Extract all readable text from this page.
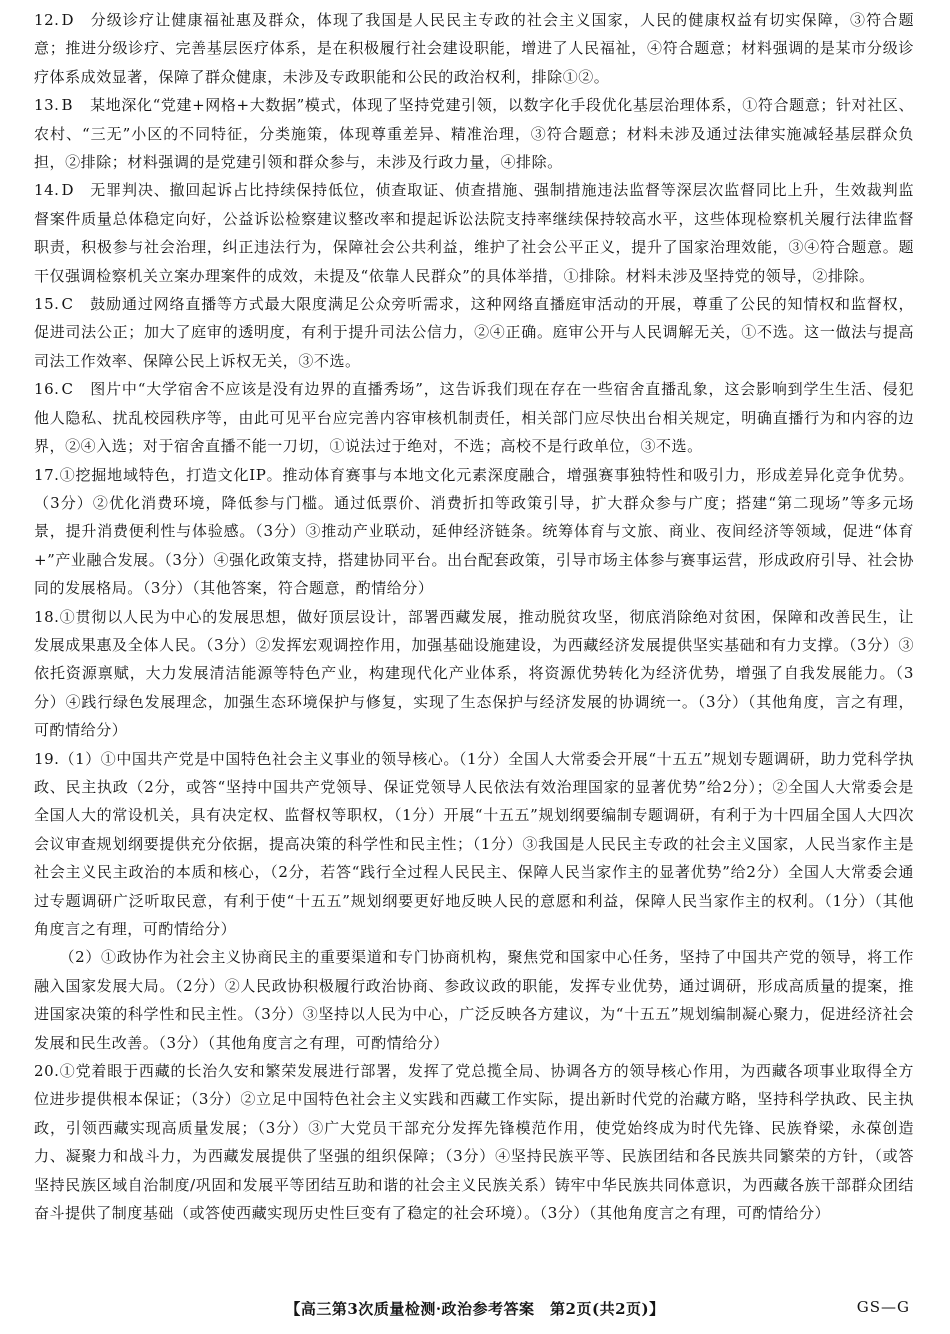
12. D 分级诊疗让健康福祉惠及群众，体现了我国是人民民主专政的社会主义国家，人民的健康权益有切实保障，③符合题意；推进分级诊疗、完善基层医疗体系，是在积极履行社会建设职能，增进了人民福祉，④符合题意；材料强调的是某市分级诊疗体系成效显著，保障了群众健康，未涉及专政职能和公民的政治权利，排除①②。

13. B 某地深化“党建+网格+大数据”模式，体现了坚持党建引领，以数字化手段优化基层治理体系，①符合题意；针对社区、农村、“三无”小区的不同特征，分类施策，体现尊重差异、精准治理，③符合题意；材料未涉及通过法律实施减轻基层群众负担，②排除；材料强调的是党建引领和群众参与，未涉及行政力量，④排除。

14. D 无罪判决、撤回起诉占比持续保持低位，侦查取证、侦查措施、强制措施违法监督等深层次监督同比上升，生效裁判监督案件质量总体稳定向好，公益诉讼检察建议整改率和提起诉讼法院支持率继续保持较高水平，这些体现检察机关履行法律监督职责，积极参与社会治理，纠正违法行为，保障社会公共利益，维护了社会公平正义，提升了国家治理效能，③④符合题意。题干仅强调检察机关立案办理案件的成效，未提及“依靠人民群众”的具体举措，①排除。材料未涉及坚持党的领导，②排除。

15. C 鼓励通过网络直播等方式最大限度满足公众旁听需求，这种网络直播庭审活动的开展，尊重了公民的知情权和监督权，促进司法公正；加大了庭审的透明度，有利于提升司法公信力，②④正确。庭审公开与人民调解无关，①不选。这一做法与提高司法工作效率、保障公民上诉权无关，③不选。

16. C 图片中“大学宿舍不应该是没有边界的直播秀场”，这告诉我们现在存在一些宿舍直播乱象，这会影响到学生生活、侵犯他人隐私、扰乱校园秩序等，由此可见平台应完善内容审核机制责任，相关部门应尽快出台相关规定，明确直播行为和内容的边界，②④入选；对于宿舍直播不能一刀切，①说法过于绝对，不选；高校不是行政单位，③不选。

17.①挖掘地域特色，打造文化IP。推动体育赛事与本地文化元素深度融合，增强赛事独特性和吸引力，形成差异化竞争优势。（3分）②优化消费环境，降低参与门槛。通过低票价、消费折扣等政策引导，扩大群众参与广度；搭建“第二现场”等多元场景，提升消费便利性与体验感。（3分）③推动产业联动，延伸经济链条。统筹体育与文旅、商业、夜间经济等领域，促进“体育+”产业融合发展。（3分）④强化政策支持，搭建协同平台。出台配套政策，引导市场主体参与赛事运营，形成政府引导、社会协同的发展格局。（3分）（其他答案，符合题意，酌情给分）

18.①贯彻以人民为中心的发展思想，做好顶层设计，部署西藏发展，推动脱贫攻坚，彻底消除绝对贫困，保障和改善民生，让发展成果惠及全体人民。（3分）②发挥宏观调控作用，加强基础设施建设，为西藏经济发展提供坚实基础和有力支撑。（3分）③依托资源禀赋，大力发展清洁能源等特色产业，构建现代化产业体系，将资源优势转化为经济优势，增强了自我发展能力。（3分）④践行绿色发展理念，加强生态环境保护与修复，实现了生态保护与经济发展的协调统一。（3分）（其他角度，言之有理，可酌情给分）

19.（1）①中国共产党是中国特色社会主义事业的领导核心。（1分）全国人大常委会开展“十五五”规划专题调研，助力党科学执政、民主执政（2分，或答“坚持中国共产党领导、保证党领导人民依法有效治理国家的显著优势”给2分）；②全国人大常委会是全国人大的常设机关，具有决定权、监督权等职权，（1分）开展“十五五”规划纲要编制专题调研，有利于为十四届全国人大四次会议审查规划纲要提供充分依据，提高决策的科学性和民主性；（1分）③我国是人民民主专政的社会主义国家，人民当家作主是社会主义民主政治的本质和核心，（2分，若答“践行全过程人民民主、保障人民当家作主的显著优势”给2分）全国人大常委会通过专题调研广泛听取民意，有利于使“十五五”规划纲要更好地反映人民的意愿和利益，保障人民当家作主的权利。（1分）（其他角度言之有理，可酌情给分）
（2）①政协作为社会主义协商民主的重要渠道和专门协商机构，聚焦党和国家中心任务，坚持了中国共产党的领导，将工作融入国家发展大局。（2分）②人民政协积极履行政治协商、参政议政的职能，发挥专业优势，通过调研，形成高质量的提案，推进国家决策的科学性和民主性。（3分）③坚持以人民为中心，广泛反映各方建议，为“十五五”规划编制凝心聚力，促进经济社会发展和民生改善。（3分）（其他角度言之有理，可酌情给分）

20.①党着眼于西藏的长治久安和繁荣发展进行部署，发挥了党总揽全局、协调各方的领导核心作用，为西藏各项事业取得全方位进步提供根本保证；（3分）②立足中国特色社会主义实践和西藏工作实际，提出新时代党的治藏方略，坚持科学执政、民主执政，引领西藏实现高质量发展；（3分）③广大党员干部充分发挥先锋模范作用，使党始终成为时代先锋、民族脊梁，永葆创造力、凝聚力和战斗力，为西藏发展提供了坚强的组织保障；（3分）④坚持民族平等、民族团结和各民族共同繁荣的方针，（或答坚持民族区域自治制度/巩固和发展平等团结互助和谐的社会主义民族关系）铸牢中华民族共同体意识，为西藏各族干部群众团结奋斗提供了制度基础（或答使西藏实现历史性巨变有了稳定的社会环境）。（3分）（其他角度言之有理，可酌情给分）

【高三第3次质量检测·政治参考答案　第2页(共2页)】	GS—G
